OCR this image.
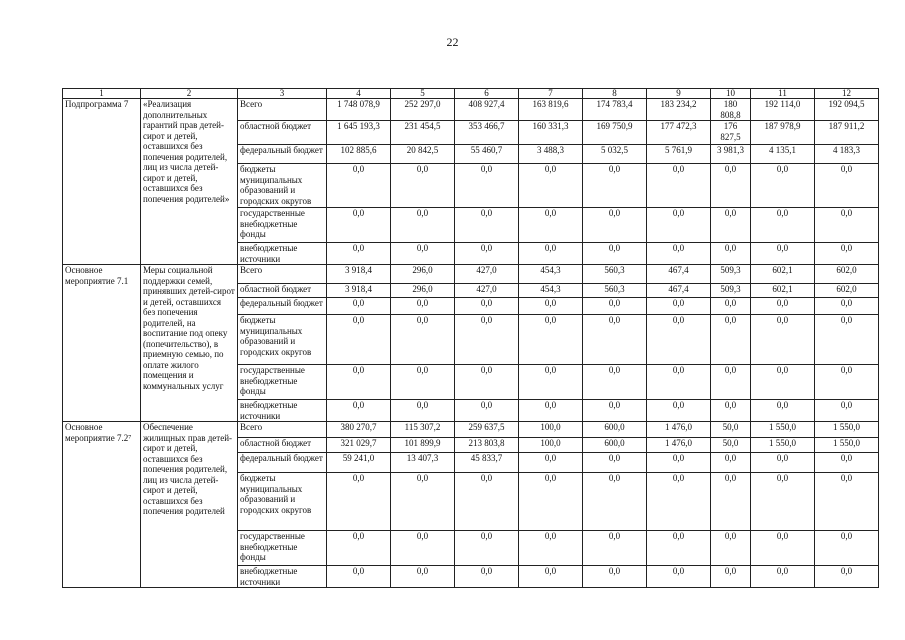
22
1	2	3	4	5	6	7	8	9	10	11	12
Подпрограмма 7	«Реализация дополнительных гарантий прав детей-сирот и детей, оставшихся без попечения родителей, лиц из числа детей-сирот и детей, оставшихся без попечения родителей»	Всего	1 748 078,9	252 297,0	408 927,4	163 819,6	174 783,4	183 234,2	180 808,8	192 114,0	192 094,5
		областной бюджет	1 645 193,3	231 454,5	353 466,7	160 331,3	169 750,9	177 472,3	176 827,5	187 978,9	187 911,2
		федеральный бюджет	102 885,6	20 842,5	55 460,7	3 488,3	5 032,5	5 761,9	3 981,3	4 135,1	4 183,3
		бюджеты муниципальных образований и городских округов	0,0	0,0	0,0	0,0	0,0	0,0	0,0	0,0	0,0
		государственные внебюджетные фонды	0,0	0,0	0,0	0,0	0,0	0,0	0,0	0,0	0,0
		внебюджетные источники	0,0	0,0	0,0	0,0	0,0	0,0	0,0	0,0	0,0
Основное мероприятие 7.1	Меры социальной поддержки семей, принявших детей-сирот и детей, оставшихся без попечения родителей, на воспитание под опеку (попечительство), в приемную семью, по оплате жилого помещения и коммунальных услуг	Всего	3 918,4	296,0	427,0	454,3	560,3	467,4	509,3	602,1	602,0
		областной бюджет	3 918,4	296,0	427,0	454,3	560,3	467,4	509,3	602,1	602,0
		федеральный бюджет	0,0	0,0	0,0	0,0	0,0	0,0	0,0	0,0	0,0
		бюджеты муниципальных образований и городских округов	0,0	0,0	0,0	0,0	0,0	0,0	0,0	0,0	0,0
		государственные внебюджетные фонды	0,0	0,0	0,0	0,0	0,0	0,0	0,0	0,0	0,0
		внебюджетные источники	0,0	0,0	0,0	0,0	0,0	0,0	0,0	0,0	0,0
Основное мероприятие 7.2⁷	Обеспечение жилищных прав детей-сирот и детей, оставшихся без попечения родителей, лиц из числа детей-сирот и детей, оставшихся без попечения родителей	Всего	380 270,7	115 307,2	259 637,5	100,0	600,0	1 476,0	50,0	1 550,0	1 550,0
		областной бюджет	321 029,7	101 899,9	213 803,8	100,0	600,0	1 476,0	50,0	1 550,0	1 550,0
		федеральный бюджет	59 241,0	13 407,3	45 833,7	0,0	0,0	0,0	0,0	0,0	0,0
		бюджеты муниципальных образований и городских округов	0,0	0,0	0,0	0,0	0,0	0,0	0,0	0,0	0,0
		государственные внебюджетные фонды	0,0	0,0	0,0	0,0	0,0	0,0	0,0	0,0	0,0
		внебюджетные источники	0,0	0,0	0,0	0,0	0,0	0,0	0,0	0,0	0,0
